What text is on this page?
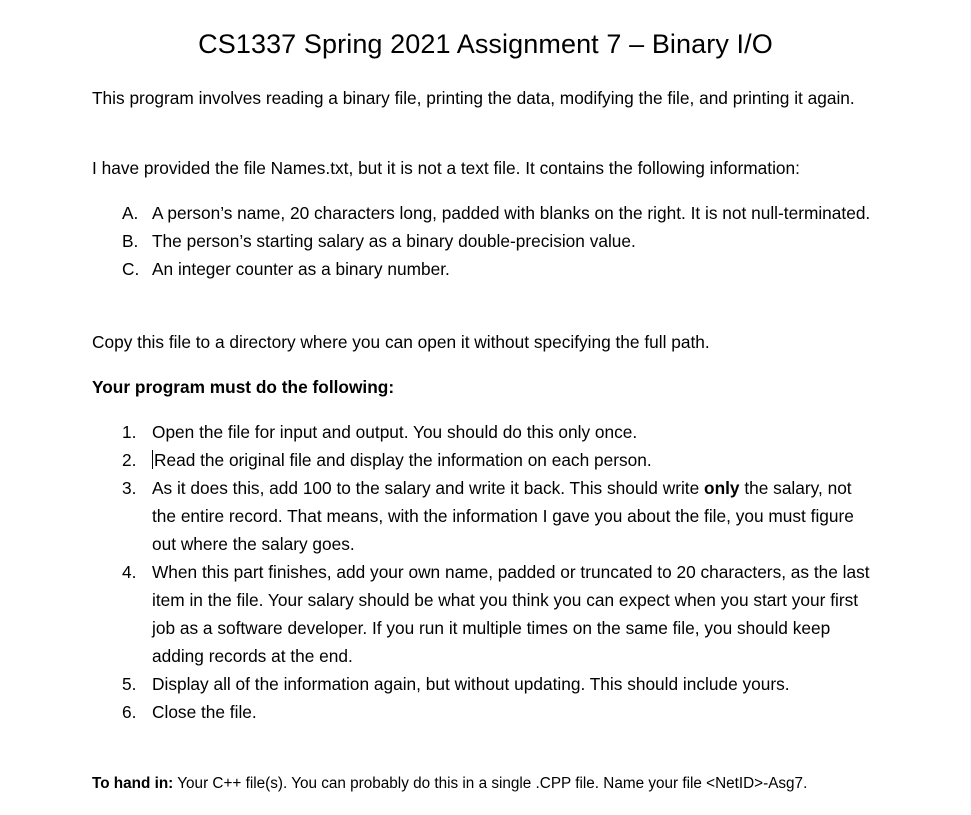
CS1337 Spring 2021 Assignment 7 – Binary I/O
This program involves reading a binary file, printing the data, modifying the file, and printing it again.
I have provided the file Names.txt, but it is not a text file. It contains the following information:
A. A person’s name, 20 characters long, padded with blanks on the right. It is not null-terminated.
B. The person’s starting salary as a binary double-precision value.
C. An integer counter as a binary number.
Copy this file to a directory where you can open it without specifying the full path.
Your program must do the following:
1. Open the file for input and output. You should do this only once.
2.	Read the original file and display the information on each person.
3. As it does this, add 100 to the salary and write it back. This should write only the salary, not the entire record. That means, with the information I gave you about the file, you must figure out where the salary goes.
4. When this part finishes, add your own name, padded or truncated to 20 characters, as the last item in the file. Your salary should be what you think you can expect when you start your first job as a software developer. If you run it multiple times on the same file, you should keep adding records at the end.
5. Display all of the information again, but without updating. This should include yours.
6. Close the file.
To hand in: Your C++ file(s). You can probably do this in a single .CPP file. Name your file <NetID>-Asg7.
